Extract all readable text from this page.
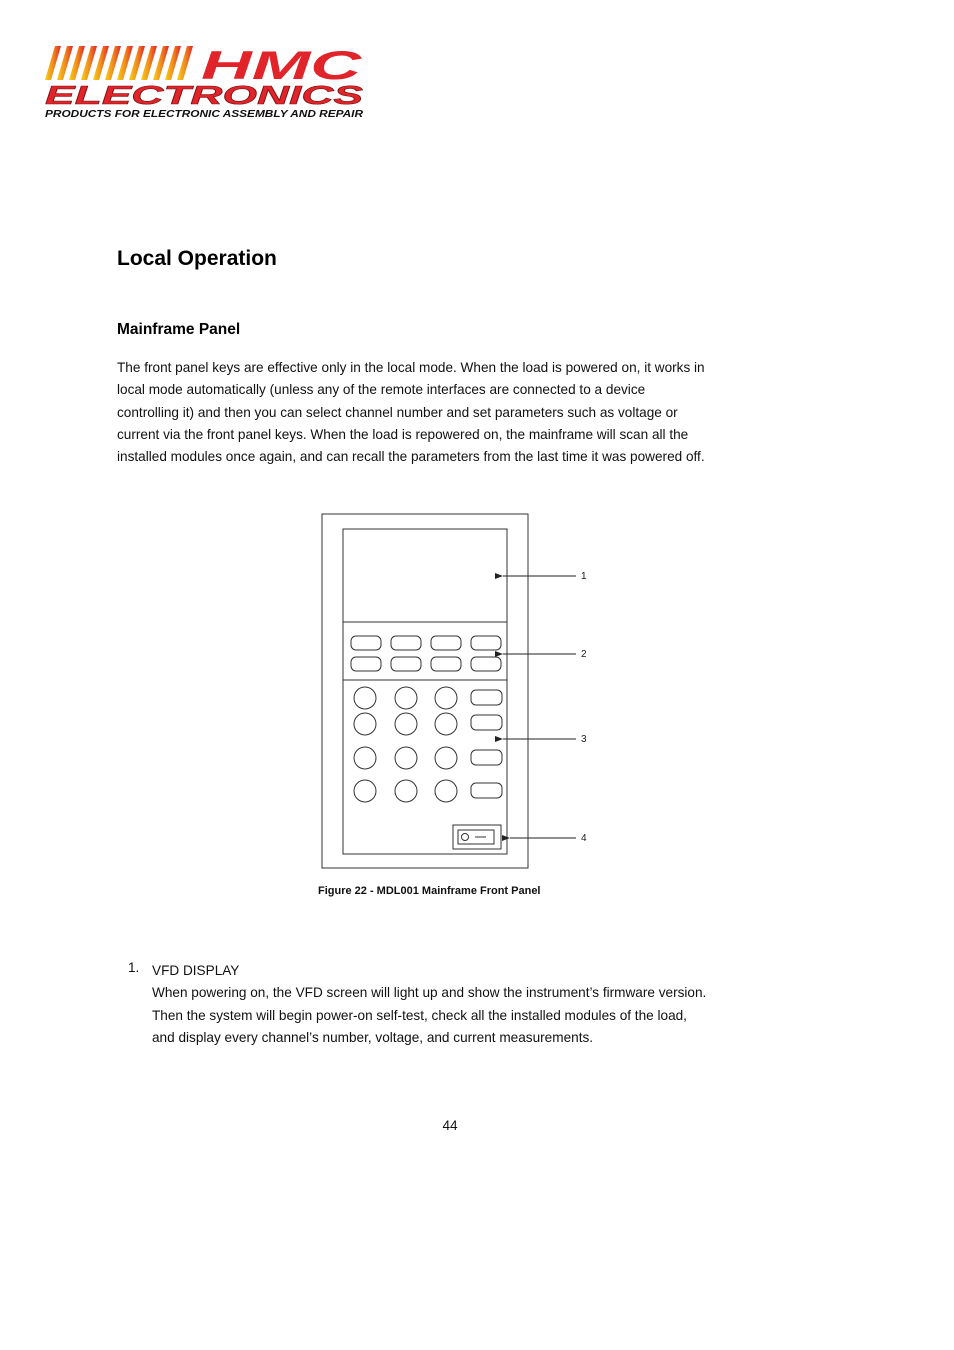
HMC
ELECTRONICS
PRODUCTS FOR ELECTRONIC ASSEMBLY AND REPAIR
Local Operation
Mainframe Panel

The front panel keys are effective only in the local mode. When the load is powered on, it works in
local mode automatically (unless any of the remote interfaces are connected to a device
controlling it) and then you can select channel number and set parameters such as voltage or
current via the front panel keys. When the load is repowered on, the mainframe will scan all the
installed modules once again, and can recall the parameters from the last time it was powered off.

1
2
3
4

Figure 22 - MDL001 Mainframe Front Panel

1. VFD DISPLAY
When powering on, the VFD screen will light up and show the instrument’s firmware version.
Then the system will begin power-on self-test, check all the installed modules of the load,
and display every channel’s number, voltage, and current measurements.
44
